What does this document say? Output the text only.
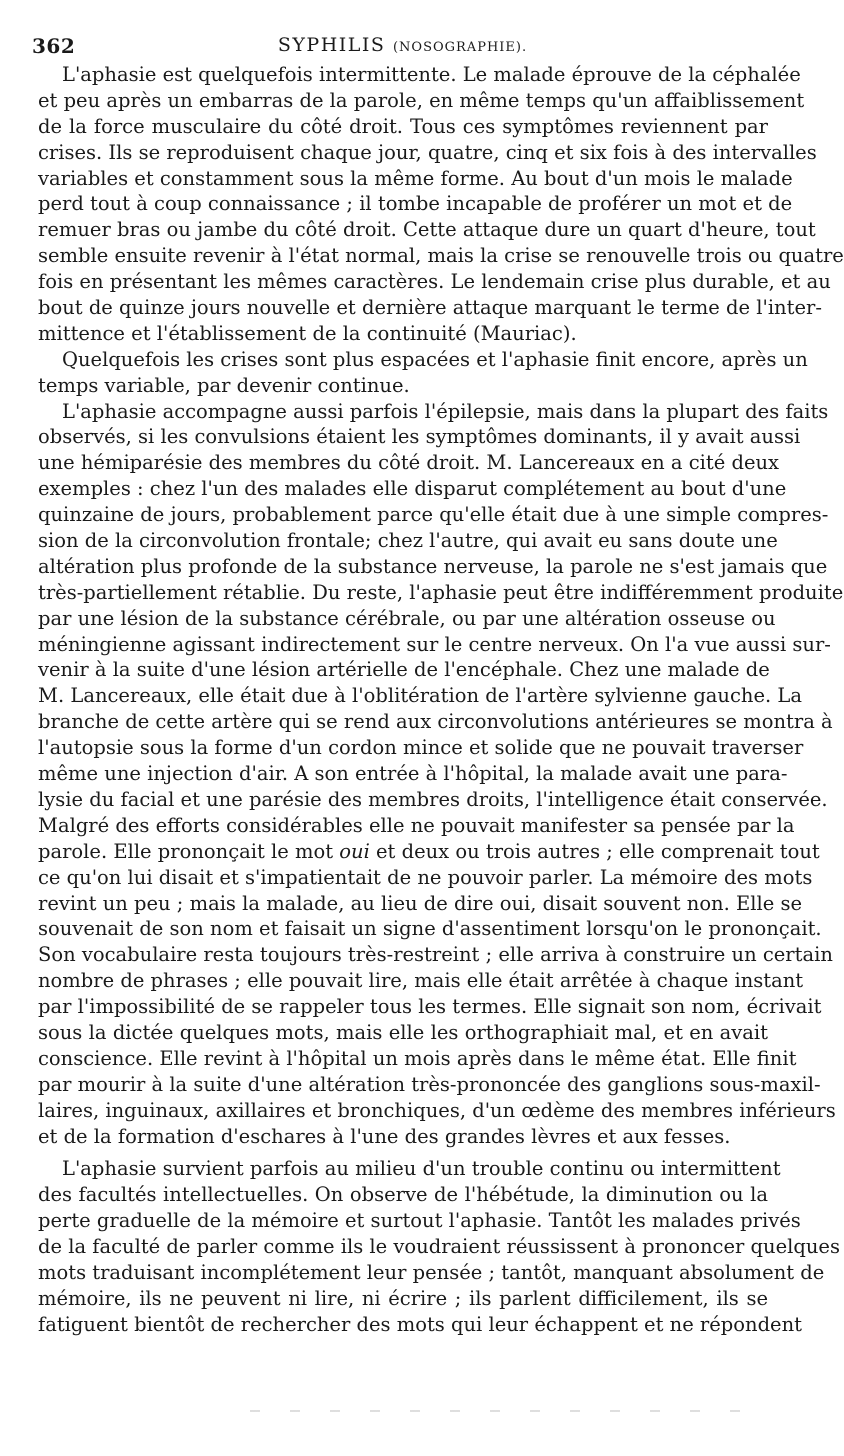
362	SYPHILIS (NOSOGRAPHIE).
L'aphasie est quelquefois intermittente. Le malade éprouve de la céphalée
et peu après un embarras de la parole, en même temps qu'un affaiblissement
de la force musculaire du côté droit. Tous ces symptômes reviennent par
crises. Ils se reproduisent chaque jour, quatre, cinq et six fois à des intervalles
variables et constamment sous la même forme. Au bout d'un mois le malade
perd tout à coup connaissance ; il tombe incapable de proférer un mot et de
remuer bras ou jambe du côté droit. Cette attaque dure un quart d'heure, tout
semble ensuite revenir à l'état normal, mais la crise se renouvelle trois ou quatre
fois en présentant les mêmes caractères. Le lendemain crise plus durable, et au
bout de quinze jours nouvelle et dernière attaque marquant le terme de l'inter-
mittence et l'établissement de la continuité (Mauriac).
Quelquefois les crises sont plus espacées et l'aphasie finit encore, après un
temps variable, par devenir continue.
L'aphasie accompagne aussi parfois l'épilepsie, mais dans la plupart des faits
observés, si les convulsions étaient les symptômes dominants, il y avait aussi
une hémiparésie des membres du côté droit. M. Lancereaux en a cité deux
exemples : chez l'un des malades elle disparut complétement au bout d'une
quinzaine de jours, probablement parce qu'elle était due à une simple compres-
sion de la circonvolution frontale; chez l'autre, qui avait eu sans doute une
altération plus profonde de la substance nerveuse, la parole ne s'est jamais que
très-partiellement rétablie. Du reste, l'aphasie peut être indifféremment produite
par une lésion de la substance cérébrale, ou par une altération osseuse ou
méningienne agissant indirectement sur le centre nerveux. On l'a vue aussi sur-
venir à la suite d'une lésion artérielle de l'encéphale. Chez une malade de
M. Lancereaux, elle était due à l'oblitération de l'artère sylvienne gauche. La
branche de cette artère qui se rend aux circonvolutions antérieures se montra à
l'autopsie sous la forme d'un cordon mince et solide que ne pouvait traverser
même une injection d'air. A son entrée à l'hôpital, la malade avait une para-
lysie du facial et une parésie des membres droits, l'intelligence était conservée.
Malgré des efforts considérables elle ne pouvait manifester sa pensée par la
parole. Elle prononçait le mot oui et deux ou trois autres ; elle comprenait tout
ce qu'on lui disait et s'impatientait de ne pouvoir parler. La mémoire des mots
revint un peu ; mais la malade, au lieu de dire oui, disait souvent non. Elle se
souvenait de son nom et faisait un signe d'assentiment lorsqu'on le prononçait.
Son vocabulaire resta toujours très-restreint ; elle arriva à construire un certain
nombre de phrases ; elle pouvait lire, mais elle était arrêtée à chaque instant
par l'impossibilité de se rappeler tous les termes. Elle signait son nom, écrivait
sous la dictée quelques mots, mais elle les orthographiait mal, et en avait
conscience. Elle revint à l'hôpital un mois après dans le même état. Elle finit
par mourir à la suite d'une altération très-prononcée des ganglions sous-maxil-
laires, inguinaux, axillaires et bronchiques, d'un œdème des membres inférieurs
et de la formation d'eschares à l'une des grandes lèvres et aux fesses.
L'aphasie survient parfois au milieu d'un trouble continu ou intermittent
des facultés intellectuelles. On observe de l'hébétude, la diminution ou la
perte graduelle de la mémoire et surtout l'aphasie. Tantôt les malades privés
de la faculté de parler comme ils le voudraient réussissent à prononcer quelques
mots traduisant incomplétement leur pensée ; tantôt, manquant absolument de
mémoire, ils ne peuvent ni lire, ni écrire ; ils parlent difficilement, ils se
fatiguent bientôt de rechercher des mots qui leur échappent et ne répondent
